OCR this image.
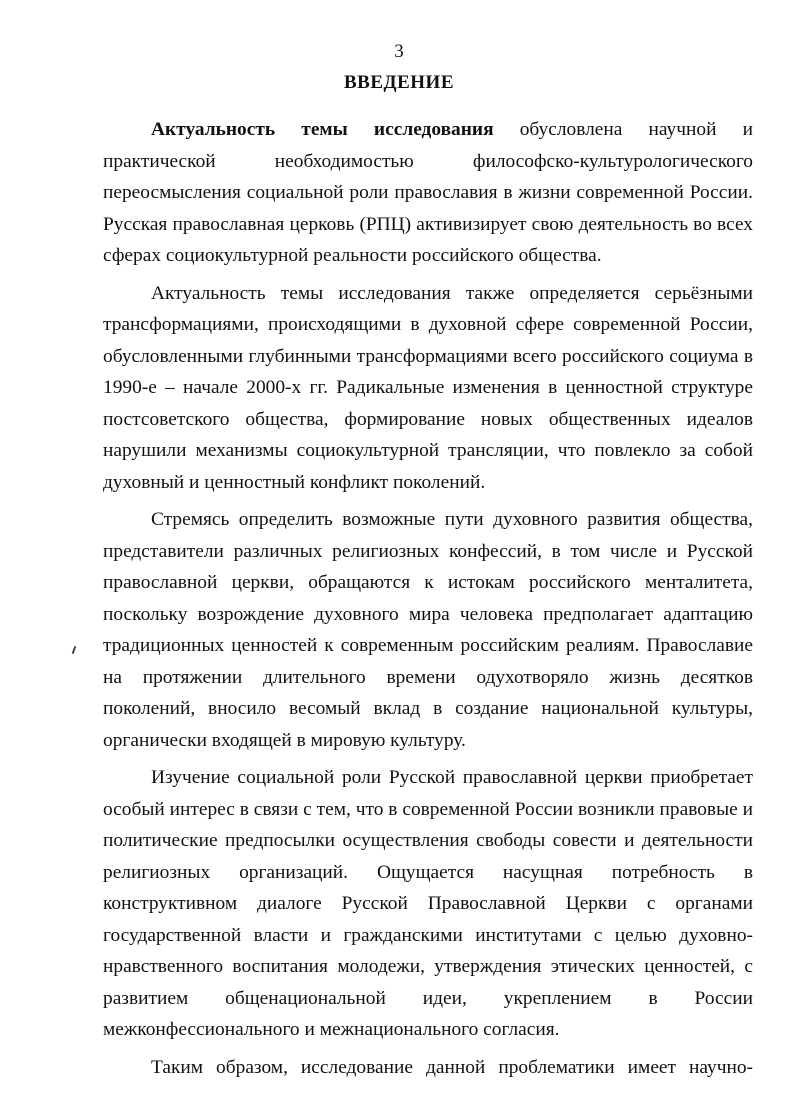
3

ВВЕДЕНИЕ

Актуальность темы исследования обусловлена научной и практической необходимостью философско-культурологического переосмысления социальной роли православия в жизни современной России. Русская православная церковь (РПЦ) активизирует свою деятельность во всех сферах социокультурной реальности российского общества.

Актуальность темы исследования также определяется серьёзными трансформациями, происходящими в духовной сфере современной России, обусловленными глубинными трансформациями всего российского социума в 1990-е – начале 2000-х гг. Радикальные изменения в ценностной структуре постсоветского общества, формирование новых общественных идеалов нарушили механизмы социокультурной трансляции, что повлекло за собой духовный и ценностный конфликт поколений.

Стремясь определить возможные пути духовного развития общества, представители различных религиозных конфессий, в том числе и Русской православной церкви, обращаются к истокам российского менталитета, поскольку возрождение духовного мира человека предполагает адаптацию традиционных ценностей к современным российским реалиям. Православие на протяжении длительного времени одухотворяло жизнь десятков поколений, вносило весомый вклад в создание национальной культуры, органически входящей в мировую культуру.

Изучение социальной роли Русской православной церкви приобретает особый интерес в связи с тем, что в современной России возникли правовые и политические предпосылки осуществления свободы совести и деятельности религиозных организаций. Ощущается насущная потребность в конструктивном диалоге Русской Православной Церкви с органами государственной власти и гражданскими институтами с целью духовно-нравственного воспитания молодежи, утверждения этических ценностей, с развитием общенациональной идеи, укреплением в России межконфессионального и межнационального согласия.

Таким образом, исследование данной проблематики имеет научно-
